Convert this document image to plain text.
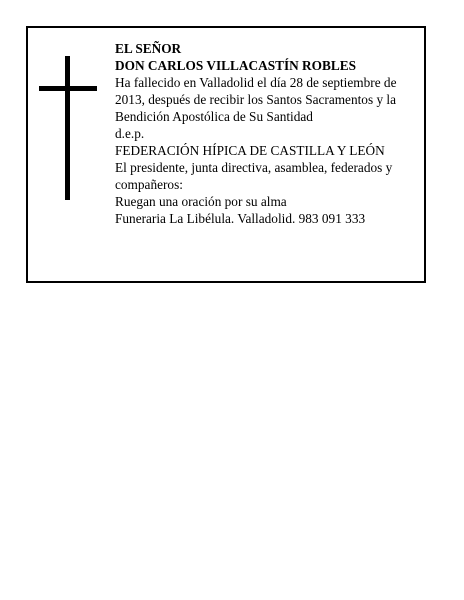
EL SEÑOR

DON CARLOS VILLACASTÍN ROBLES

Ha fallecido en Valladolid el día 28 de septiembre de 2013, después de recibir los Santos Sacramentos y la Bendición Apostólica de Su Santidad

d.e.p.

FEDERACIÓN HÍPICA DE CASTILLA Y LEÓN

El presidente, junta directiva, asamblea, federados y compañeros:

Ruegan una oración por su alma

Funeraria La Libélula. Valladolid. 983 091 333
